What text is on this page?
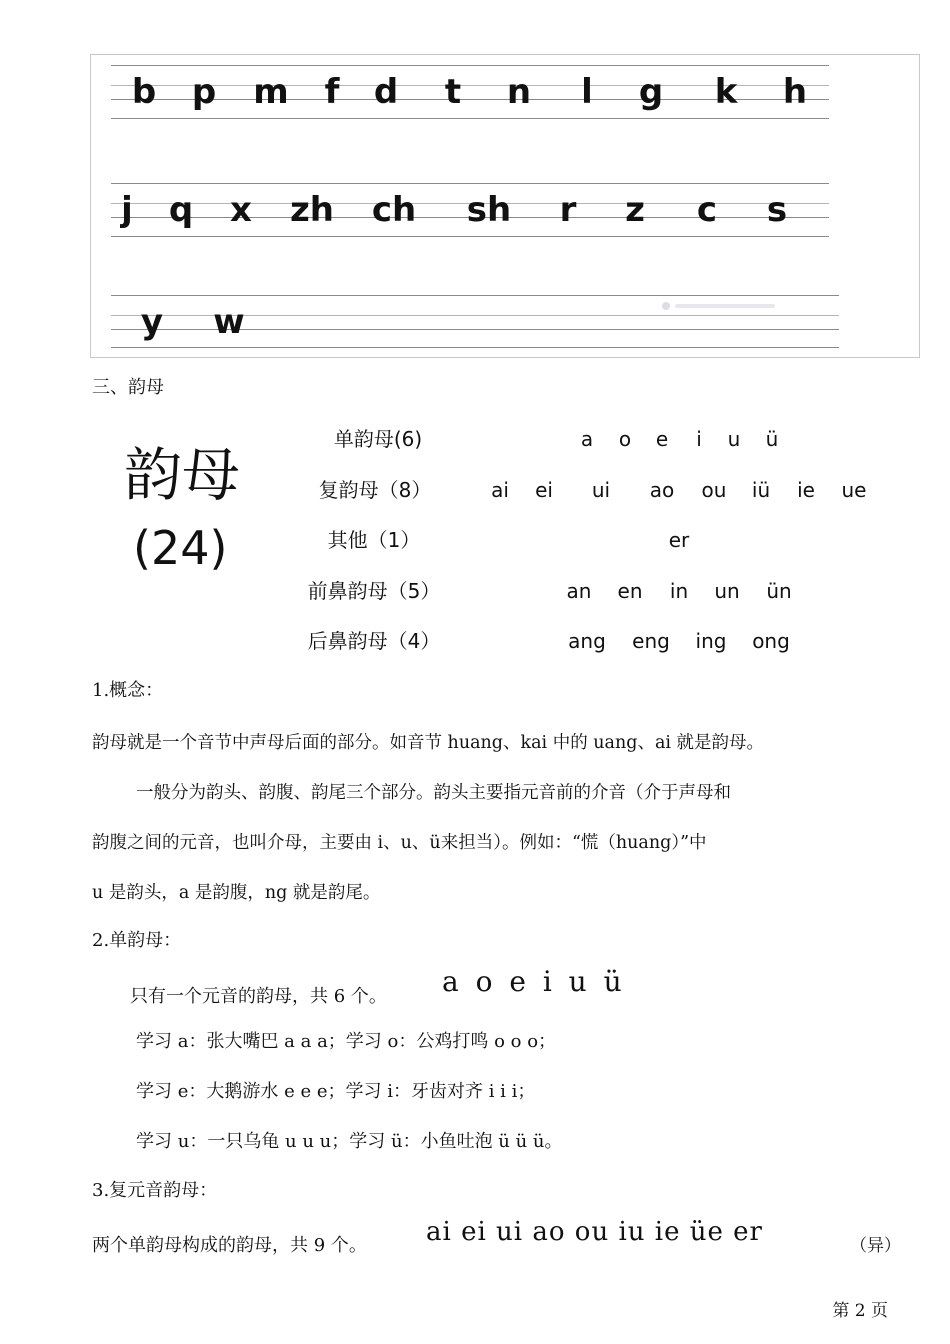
b p m f d t n l g k h
j q x zh ch sh r z c s
y w
三、韵母
韵母
(24)
单韵母(6)	a o e i u ü
复韵母（8）	ai ei ui ao ou iü ie ue
其他（1）	er
前鼻韵母（5）	an en in un ün
后鼻韵母（4）	ang eng ing ong
1.概念：
韵母就是一个音节中声母后面的部分。如音节 huang、kai 中的 uang、ai 就是韵母。
一般分为韵头、韵腹、韵尾三个部分。韵头主要指元音前的介音（介于声母和
韵腹之间的元音，也叫介母，主要由 i、u、ü来担当）。例如：“慌（huang）”中
u 是韵头，a 是韵腹，ng 就是韵尾。
2.单韵母：
只有一个元音的韵母，共 6 个。 a o e i u ü
学习 a：张大嘴巴 a a a；学习 o：公鸡打鸣 o o o；
学习 e：大鹅游水 e e e；学习 i：牙齿对齐 i i i；
学习 u：一只乌龟 u u u；学习 ü：小鱼吐泡 ü ü ü。
3.复元音韵母：
两个单韵母构成的韵母，共 9 个。 ai ei ui ao ou iu ie üe er	（异）
第 2 页
